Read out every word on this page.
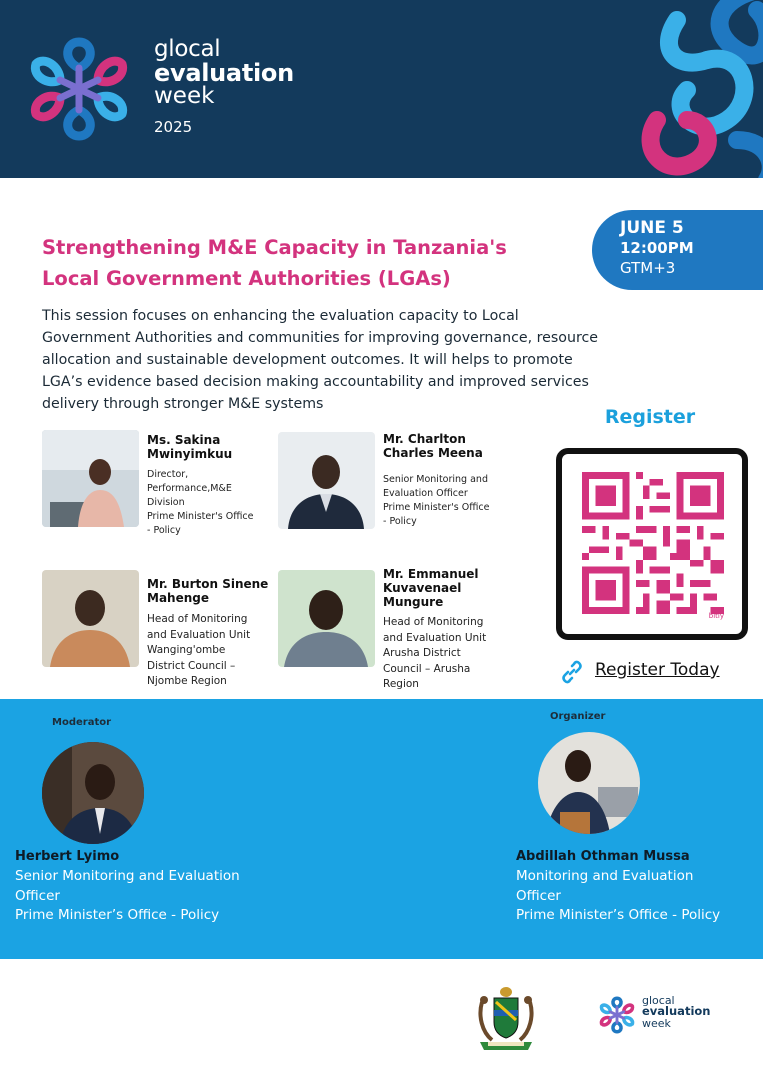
glocal
evaluation
week
2025
JUNE 5
12:00PM
GTM+3
Strengthening M&E Capacity in Tanzania's Local Government Authorities (LGAs)
This session focuses on enhancing the evaluation capacity to Local Government Authorities and communities for improving governance, resource allocation and sustainable development outcomes. It will helps to promote LGA’s evidence based decision making accountability and improved services delivery through stronger M&E systems
Ms. Sakina Mwinyimkuu
Director,
Performance,M&E
Division
Prime Minister's Office
- Policy
Mr. Charlton Charles Meena
Senior Monitoring and
Evaluation Officer
Prime Minister's Office
- Policy
Mr. Burton Sinene Mahenge
Head of Monitoring
and Evaluation Unit
Wanging'ombe
District Council –
Njombe Region
Mr. Emmanuel Kuvavenael Mungure
Head of Monitoring
and Evaluation Unit
Arusha District
Council – Arusha
Region
Register
bitly
Register Today
Moderator
Herbert Lyimo
Senior Monitoring and Evaluation
Officer
Prime Minister’s Office - Policy
Organizer
Abdillah Othman Mussa
Monitoring and Evaluation
Officer
Prime Minister’s Office - Policy
glocal
evaluation
week
